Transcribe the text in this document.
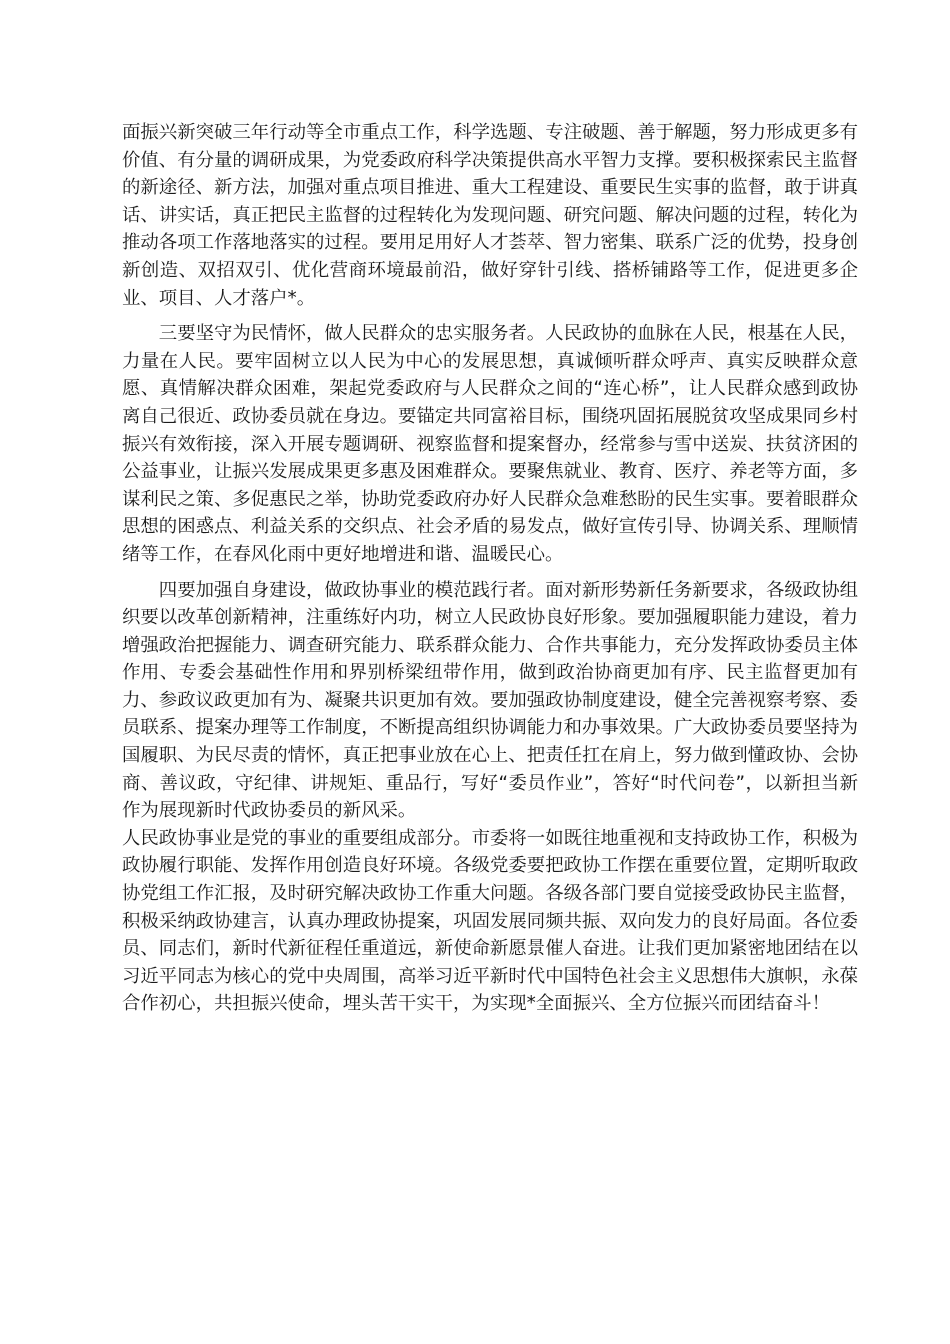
面振兴新突破三年行动等全市重点工作，科学选题、专注破题、善于解题，努力形成更多有价值、有分量的调研成果，为党委政府科学决策提供高水平智力支撑。要积极探索民主监督的新途径、新方法，加强对重点项目推进、重大工程建设、重要民生实事的监督，敢于讲真话、讲实话，真正把民主监督的过程转化为发现问题、研究问题、解决问题的过程，转化为推动各项工作落地落实的过程。要用足用好人才荟萃、智力密集、联系广泛的优势，投身创新创造、双招双引、优化营商环境最前沿，做好穿针引线、搭桥铺路等工作，促进更多企业、项目、人才落户*。

三要坚守为民情怀，做人民群众的忠实服务者。人民政协的血脉在人民，根基在人民，力量在人民。要牢固树立以人民为中心的发展思想，真诚倾听群众呼声、真实反映群众意愿、真情解决群众困难，架起党委政府与人民群众之间的“连心桥”，让人民群众感到政协离自己很近、政协委员就在身边。要锚定共同富裕目标，围绕巩固拓展脱贫攻坚成果同乡村振兴有效衔接，深入开展专题调研、视察监督和提案督办，经常参与雪中送炭、扶贫济困的公益事业，让振兴发展成果更多惠及困难群众。要聚焦就业、教育、医疗、养老等方面，多谋利民之策、多促惠民之举，协助党委政府办好人民群众急难愁盼的民生实事。要着眼群众思想的困惑点、利益关系的交织点、社会矛盾的易发点，做好宣传引导、协调关系、理顺情绪等工作，在春风化雨中更好地增进和谐、温暖民心。

四要加强自身建设，做政协事业的模范践行者。面对新形势新任务新要求，各级政协组织要以改革创新精神，注重练好内功，树立人民政协良好形象。要加强履职能力建设，着力增强政治把握能力、调查研究能力、联系群众能力、合作共事能力，充分发挥政协委员主体作用、专委会基础性作用和界别桥梁纽带作用，做到政治协商更加有序、民主监督更加有力、参政议政更加有为、凝聚共识更加有效。要加强政协制度建设，健全完善视察考察、委员联系、提案办理等工作制度，不断提高组织协调能力和办事效果。广大政协委员要坚持为国履职、为民尽责的情怀，真正把事业放在心上、把责任扛在肩上，努力做到懂政协、会协商、善议政，守纪律、讲规矩、重品行，写好“委员作业”，答好“时代问卷”，以新担当新作为展现新时代政协委员的新风采。

人民政协事业是党的事业的重要组成部分。市委将一如既往地重视和支持政协工作，积极为政协履行职能、发挥作用创造良好环境。各级党委要把政协工作摆在重要位置，定期听取政协党组工作汇报，及时研究解决政协工作重大问题。各级各部门要自觉接受政协民主监督，积极采纳政协建言，认真办理政协提案，巩固发展同频共振、双向发力的良好局面。各位委员、同志们，新时代新征程任重道远，新使命新愿景催人奋进。让我们更加紧密地团结在以习近平同志为核心的党中央周围，高举习近平新时代中国特色社会主义思想伟大旗帜，永葆合作初心，共担振兴使命，埋头苦干实干，为实现*全面振兴、全方位振兴而团结奋斗！
